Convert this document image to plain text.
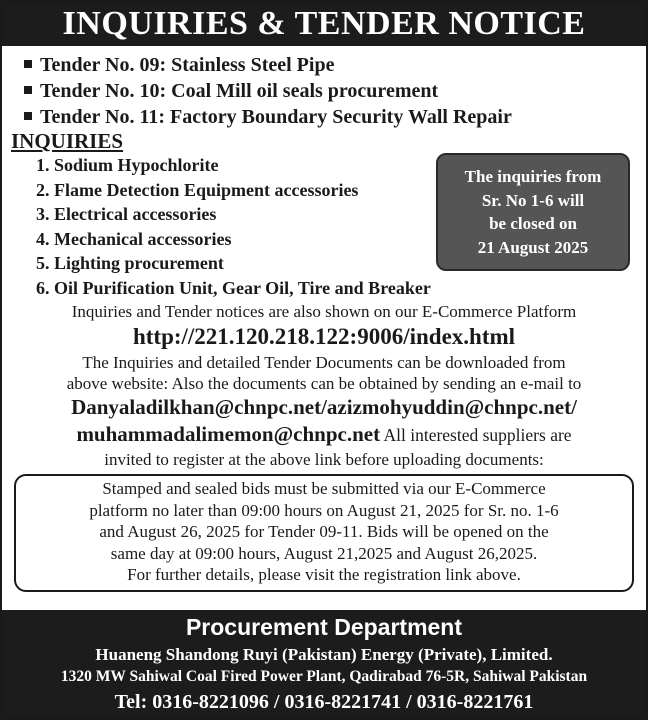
INQUIRIES & TENDER NOTICE
Tender No. 09: Stainless Steel Pipe
Tender No. 10: Coal Mill oil seals procurement
Tender No. 11: Factory Boundary Security Wall Repair
INQUIRIES
1. Sodium Hypochlorite
2. Flame Detection Equipment accessories
3. Electrical accessories
4. Mechanical accessories
5. Lighting procurement
6. Oil Purification Unit, Gear Oil, Tire and Breaker
The inquiries from
Sr. No 1-6 will
be closed on
21 August 2025
Inquiries and Tender notices are also shown on our E-Commerce Platform
http://221.120.218.122:9006/index.html
The Inquiries and detailed Tender Documents can be downloaded from
above website: Also the documents can be obtained by sending an e-mail to
Danyaladilkhan@chnpc.net/azizmohyuddin@chnpc.net/
muhammadalimemon@chnpc.net All interested suppliers are
invited to register at the above link before uploading documents:
Stamped and sealed bids must be submitted via our E-Commerce
platform no later than 09:00 hours on August 21, 2025 for Sr. no. 1-6
and August 26, 2025 for Tender 09-11. Bids will be opened on the
same day at 09:00 hours, August 21,2025 and August 26,2025.
For further details, please visit the registration link above.
Procurement Department
Huaneng Shandong Ruyi (Pakistan) Energy (Private), Limited.
1320 MW Sahiwal Coal Fired Power Plant, Qadirabad 76-5R, Sahiwal Pakistan
Tel: 0316-8221096 / 0316-8221741 / 0316-8221761
